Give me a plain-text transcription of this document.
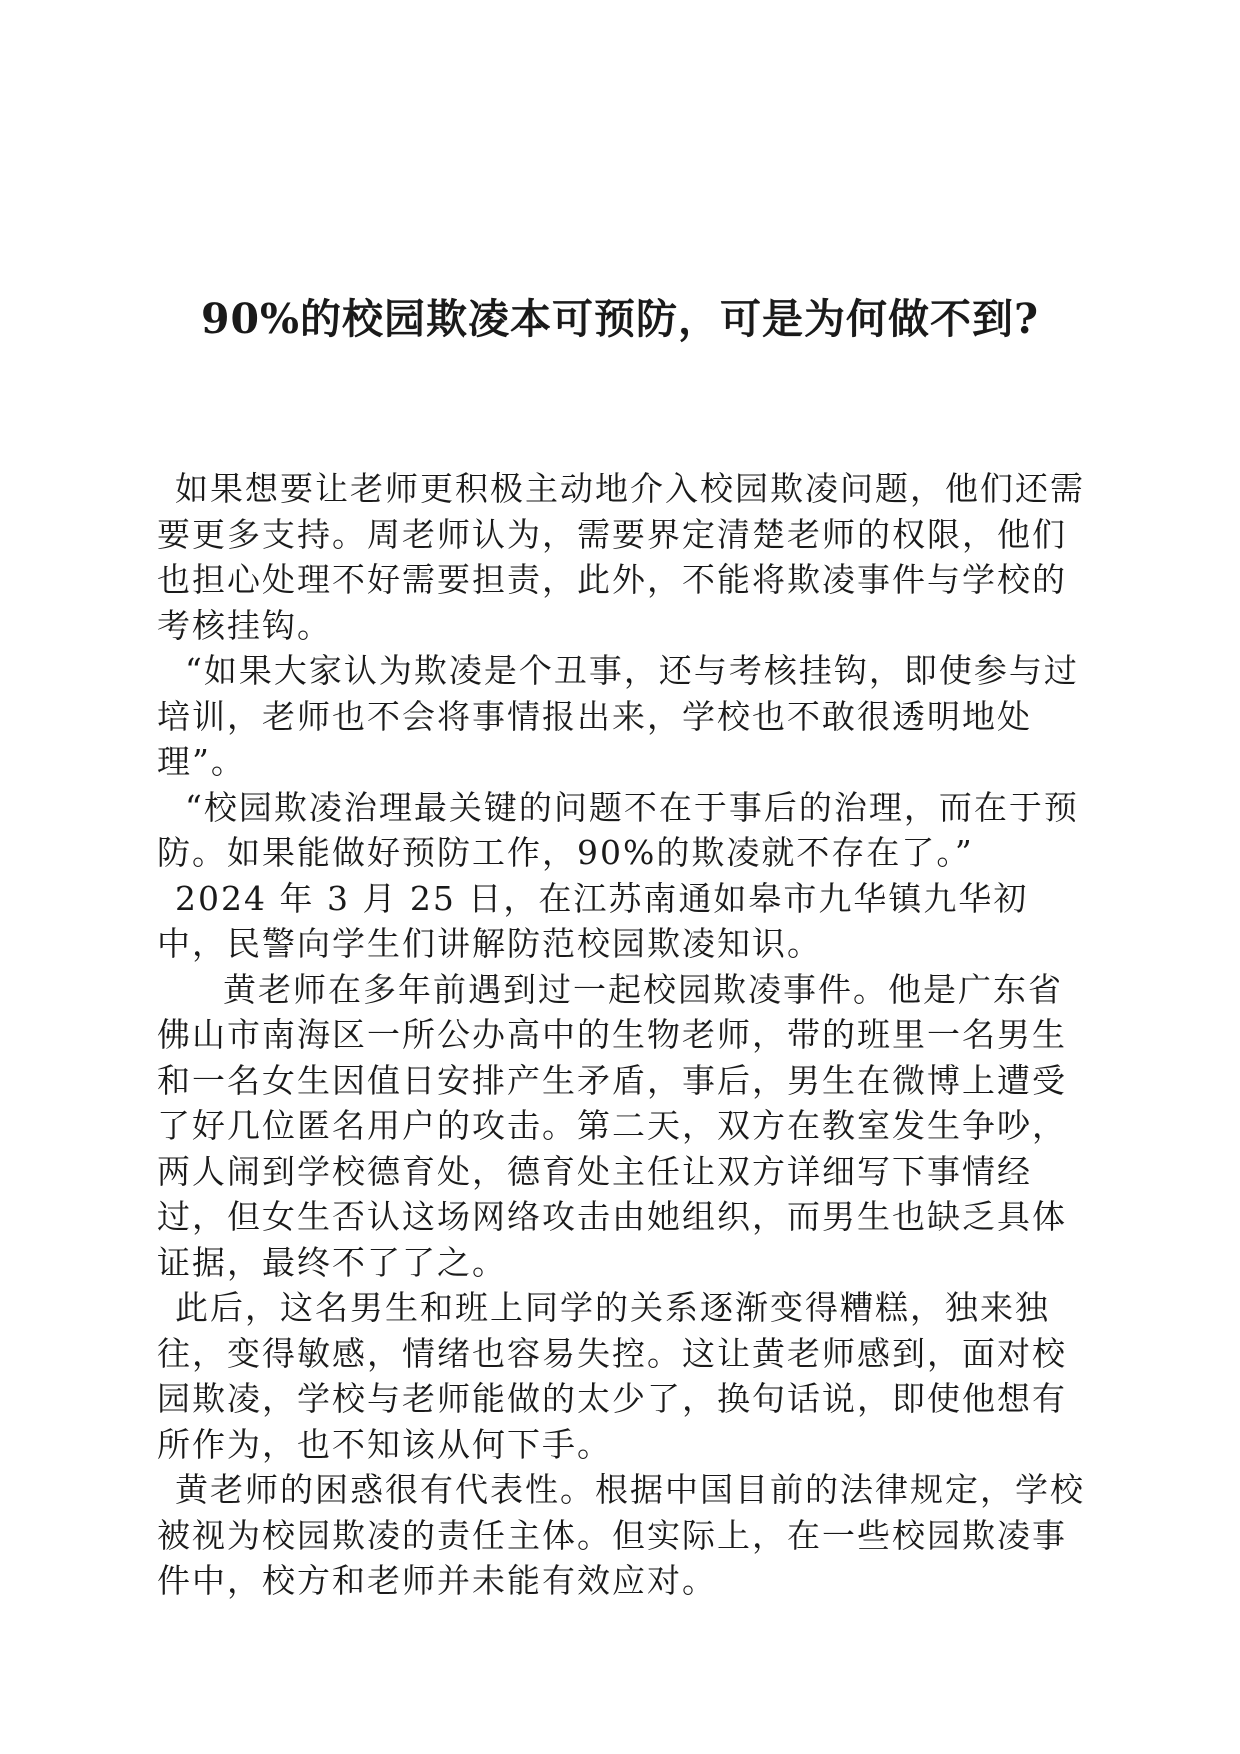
90%的校园欺凌本可预防，可是为何做不到?

如果想要让老师更积极主动地介入校园欺凌问题，他们还需要更多支持。周老师认为，需要界定清楚老师的权限，他们也担心处理不好需要担责，此外，不能将欺凌事件与学校的考核挂钩。

“如果大家认为欺凌是个丑事，还与考核挂钩，即使参与过培训，老师也不会将事情报出来，学校也不敢很透明地处理”。

“校园欺凌治理最关键的问题不在于事后的治理，而在于预防。如果能做好预防工作，90%的欺凌就不存在了。”

2024 年 3 月 25 日，在江苏南通如皋市九华镇九华初中，民警向学生们讲解防范校园欺凌知识。

黄老师在多年前遇到过一起校园欺凌事件。他是广东省佛山市南海区一所公办高中的生物老师，带的班里一名男生和一名女生因值日安排产生矛盾，事后，男生在微博上遭受了好几位匿名用户的攻击。第二天，双方在教室发生争吵，两人闹到学校德育处，德育处主任让双方详细写下事情经过，但女生否认这场网络攻击由她组织，而男生也缺乏具体证据，最终不了了之。

此后，这名男生和班上同学的关系逐渐变得糟糕，独来独往，变得敏感，情绪也容易失控。这让黄老师感到，面对校园欺凌，学校与老师能做的太少了，换句话说，即使他想有所作为，也不知该从何下手。

黄老师的困惑很有代表性。根据中国目前的法律规定，学校被视为校园欺凌的责任主体。但实际上，在一些校园欺凌事件中，校方和老师并未能有效应对。
